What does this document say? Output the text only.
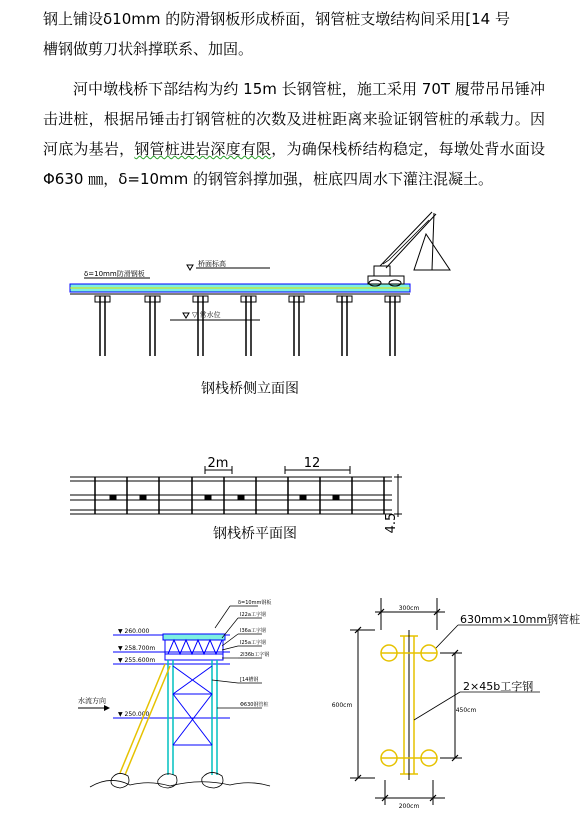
钢上铺设δ10mm 的防滑钢板形成桥面，钢管桩支墩结构间采用[14 号

槽钢做剪刀状斜撑联系、加固。

河中墩栈桥下部结构为约 15m 长钢管桩，施工采用 70T 履带吊吊锤冲击进桩，根据吊锤击打钢管桩的次数及进桩距离来验证钢管桩的承载力。因河底为基岩，钢管桩进岩深度有限，为确保栈桥结构稳定，每墩处背水面设Φ630 ㎜，δ=10mm 的钢管斜撑加强，桩底四周水下灌注混凝土。

▽ 常水位
δ=10mm防滑钢板
桥面标高
钢栈桥侧立面图
2m	12
4.5
钢栈桥平面图
▼ 260.000
▼ 258.700m
▼ 255.600m
▼ 250.000
水流方向
δ=10mm钢板
I22a工字钢
I36a工字钢
I25a工字钢
2I36b工字钢
[14槽钢
Φ630钢管桩
300cm
200cm
600cm
450cm
630mm×10mm钢管桩
2×45b工字钢
